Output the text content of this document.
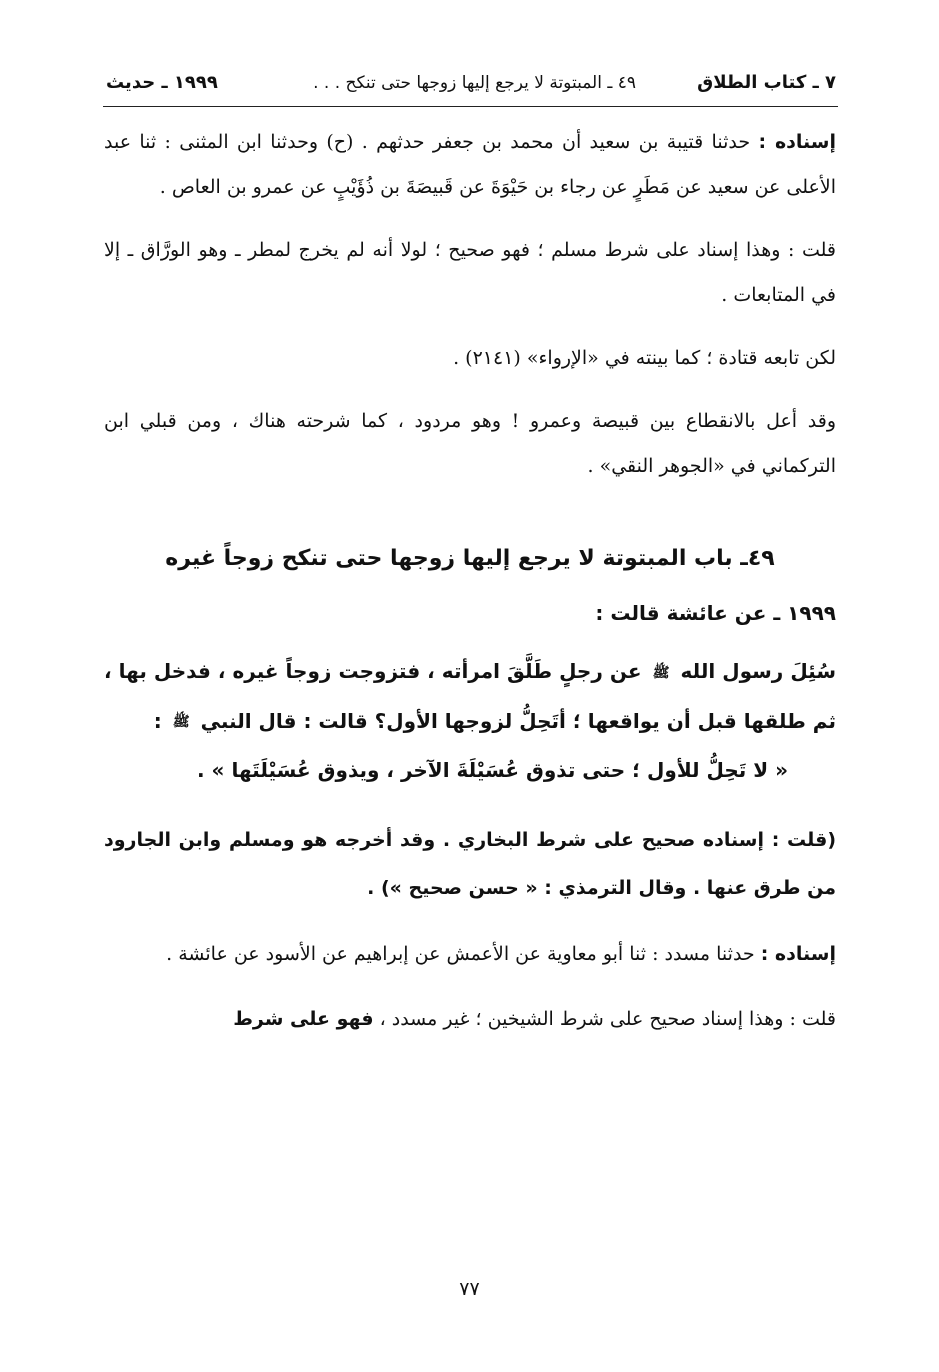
٧ ـ كتاب الطلاق
٤٩ ـ المبتوتة لا يرجع إليها زوجها حتى تنكح . . .
١٩٩٩ ـ حديث

إسناده : حدثنا قتيبة بن سعيد أن محمد بن جعفر حدثهم . (ح) وحدثنا ابن المثنى : ثنا عبد الأعلى عن سعيد عن مَطَرٍ عن رجاء بن حَيْوَةَ عن قَبيصَةَ بن ذُؤَيْبٍ عن عمرو بن العاص .

قلت : وهذا إسناد على شرط مسلم ؛ فهو صحيح ؛ لولا أنه لم يخرج لمطر ـ وهو الورَّاق ـ إلا في المتابعات .

لكن تابعه قتادة ؛ كما بينته في «الإرواء» (٢١٤١) .

وقد أعل بالانقطاع بين قبيصة وعمرو ! وهو مردود ، كما شرحته هناك ، ومن قبلي ابن التركماني في «الجوهر النقي» .

٤٩ـ باب المبتوتة لا يرجع إليها زوجها حتى تنكح زوجاً غيره
١٩٩٩ ـ عن عائشة قالت :

سُئِلَ رسول الله ﷺ عن رجلٍ طَلَّقَ امرأته ، فتزوجت زوجاً غيره ، فدخل بها ، ثم طلقها قبل أن يواقعها ؛ أتَحِلُّ لزوجها الأول؟ قالت : قال النبي ﷺ :

« لا تَحِلُّ للأول ؛ حتى تذوق عُسَيْلَةَ الآخر ، ويذوق عُسَيْلَتَها » .

(قلت : إسناده صحيح على شرط البخاري . وقد أخرجه هو ومسلم وابن الجارود من طرق عنها . وقال الترمذي : « حسن صحيح ») .

إسناده : حدثنا مسدد : ثنا أبو معاوية عن الأعمش عن إبراهيم عن الأسود عن عائشة .

قلت : وهذا إسناد صحيح على شرط الشيخين ؛ غير مسدد ، فهو على شرط

٧٧
